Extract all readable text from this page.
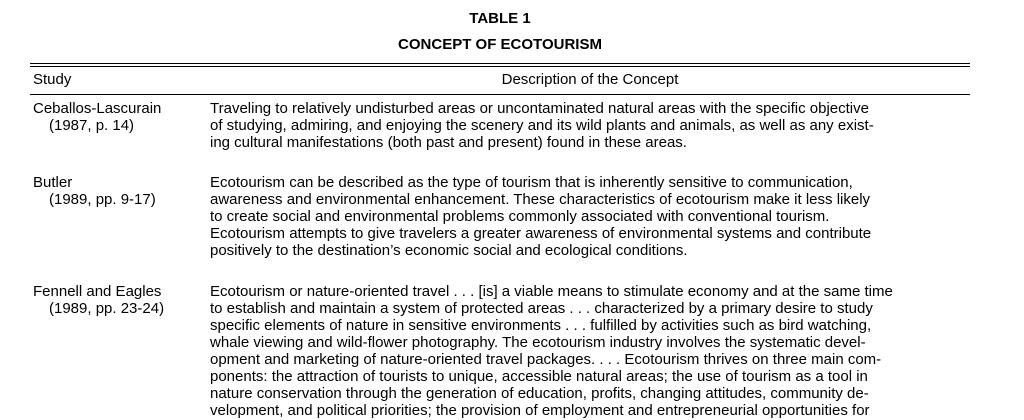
TABLE 1
CONCEPT OF ECOTOURISM
Study	Description of the Concept
Ceballos-Lascurain
(1987, p. 14)
Traveling to relatively undisturbed areas or uncontaminated natural areas with the specific objective
of studying, admiring, and enjoying the scenery and its wild plants and animals, as well as any exist-
ing cultural manifestations (both past and present) found in these areas.
Butler
(1989, pp. 9-17)
Ecotourism can be described as the type of tourism that is inherently sensitive to communication,
awareness and environmental enhancement. These characteristics of ecotourism make it less likely
to create social and environmental problems commonly associated with conventional tourism.
Ecotourism attempts to give travelers a greater awareness of environmental systems and contribute
positively to the destination’s economic social and ecological conditions.
Fennell and Eagles
(1989, pp. 23-24)
Ecotourism or nature-oriented travel . . . [is] a viable means to stimulate economy and at the same time
to establish and maintain a system of protected areas . . . characterized by a primary desire to study
specific elements of nature in sensitive environments . . . fulfilled by activities such as bird watching,
whale viewing and wild-flower photography. The ecotourism industry involves the systematic devel-
opment and marketing of nature-oriented travel packages. . . . Ecotourism thrives on three main com-
ponents: the attraction of tourists to unique, accessible natural areas; the use of tourism as a tool in
nature conservation through the generation of education, profits, changing attitudes, community de-
velopment, and political priorities; the provision of employment and entrepreneurial opportunities for
